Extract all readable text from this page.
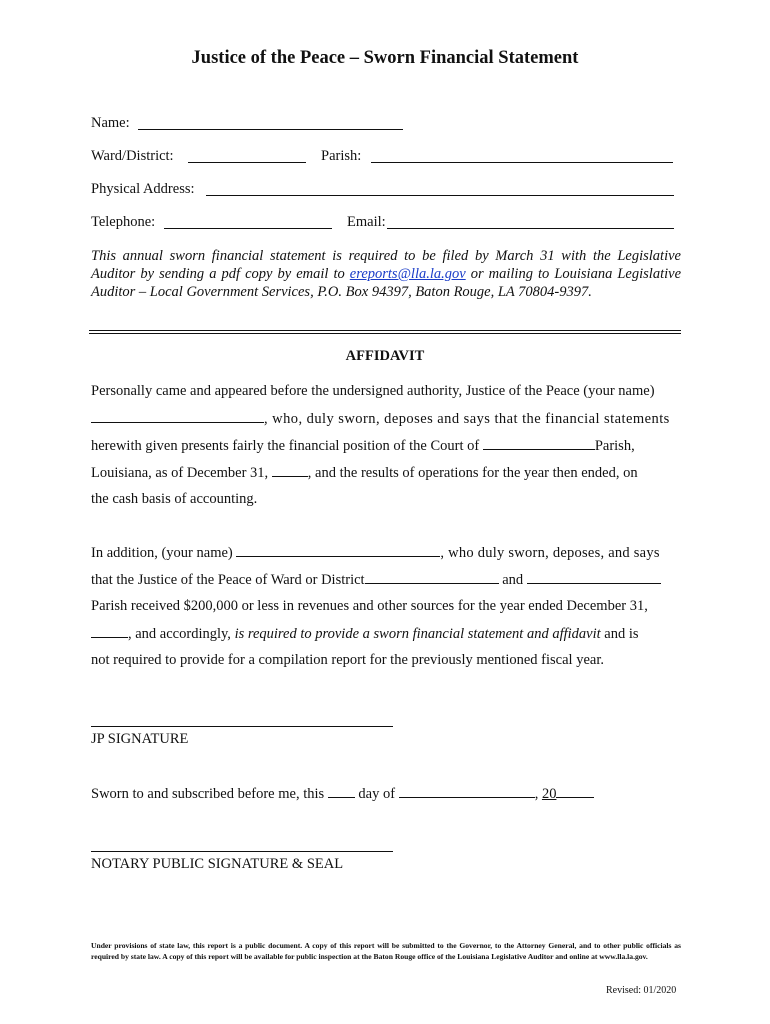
Justice of the Peace – Sworn Financial Statement
Name:
Ward/District:	Parish:
Physical Address:
Telephone:	Email:
This annual sworn financial statement is required to be filed by March 31 with the Legislative Auditor by sending a pdf copy by email to ereports@lla.la.gov or mailing to Louisiana Legislative Auditor – Local Government Services, P.O. Box 94397, Baton Rouge, LA 70804-9397.
AFFIDAVIT
Personally came and appeared before the undersigned authority, Justice of the Peace (your name)
, who, duly sworn, deposes and says that the financial statements
herewith given presents fairly the financial position of the Court of	Parish,
Louisiana, as of December 31, , and the results of operations for the year then ended, on
the cash basis of accounting.
In addition, (your name)	, who duly sworn, deposes, and says
that the Justice of the Peace of Ward or District	and
Parish received $200,000 or less in revenues and other sources for the year ended December 31,
, and accordingly, is required to provide a sworn financial statement and affidavit and is
not required to provide for a compilation report for the previously mentioned fiscal year.
JP SIGNATURE
Sworn to and subscribed before me, this  day of	, 20
NOTARY PUBLIC SIGNATURE & SEAL
Under provisions of state law, this report is a public document. A copy of this report will be submitted to the Governor, to the Attorney General, and to other public officials as required by state law. A copy of this report will be available for public inspection at the Baton Rouge office of the Louisiana Legislative Auditor and online at www.lla.la.gov.
Revised: 01/2020
